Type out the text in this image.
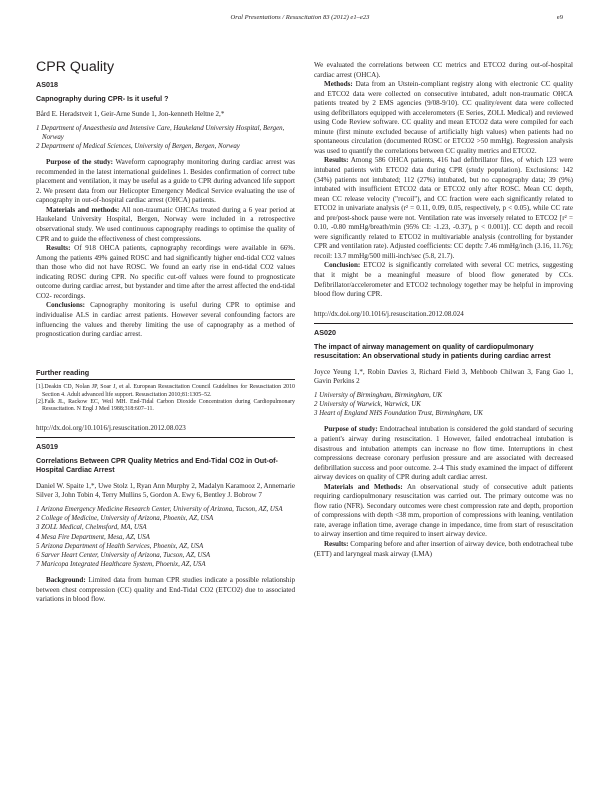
Oral Presentations / Resuscitation 83 (2012) e1–e23	e9
CPR Quality
AS018
Capnography during CPR- Is it useful ?
Bård E. Heradstveit 1, Geir-Arne Sunde 1, Jon-kenneth Heltne 2,*

1 Department of Anaesthesia and Intensive Care, Haukeland University Hospital, Bergen, Norway

2 Department of Medical Sciences, University of Bergen, Bergen, Norway

Purpose of the study: Waveform capnography monitoring during cardiac arrest was recommended in the latest international guidelines 1. Besides confirmation of correct tube placement and ventilation, it may be useful as a guide to CPR during advanced life support 2. We present data from our Helicopter Emergency Medical Service evaluating the use of capnography in out-of-hospital cardiac arrest (OHCA) patients.

Materials and methods: All non-traumatic OHCAs treated during a 6 year period at Haukeland University Hospital, Bergen, Norway were included in a retrospective observational study. We used continuous capnography readings to optimise the quality of CPR and to guide the effectiveness of chest compressions.

Results: Of 918 OHCA patients, capnography recordings were available in 66%. Among the patients 49% gained ROSC and had significantly higher end-tidal CO2 values than those who did not have ROSC. We found an early rise in end-tidal CO2 values indicating ROSC during CPR. No specific cut-off values were found to prognosticate outcome during cardiac arrest, but bystander and time after the arrest affected the end-tidal CO2- recordings.

Conclusions: Capnography monitoring is useful during CPR to optimise and individualise ALS in cardiac arrest patients. However several confounding factors are influencing the values and thereby limiting the use of capnography as a method of prognostication during cardiac arrest.

Further reading

[1].Deakin CD, Nolan JP, Soar J, et al. European Resuscitation Council Guidelines for Resuscitation 2010 Section 4. Adult advanced life support. Resuscitation 2010;81:1305–52.

[2].Falk JL, Rackow EC, Weil MH. End-Tidal Carbon Dioxide Concentration during Cardiopulmonary Resuscitation. N Engl J Med 1988;318:607–11.

http://dx.doi.org/10.1016/j.resuscitation.2012.08.023
AS019
Correlations Between CPR Quality Metrics and End-Tidal CO2 in Out-of-Hospital Cardiac Arrest
Daniel W. Spaite 1,*, Uwe Stolz 1, Ryan Ann Murphy 2, Madalyn Karamooz 2, Annemarie Silver 3, John Tobin 4, Terry Mullins 5, Gordon A. Ewy 6, Bentley J. Bobrow 7

1 Arizona Emergency Medicine Research Center, University of Arizona, Tucson, AZ, USA

2 College of Medicine, University of Arizona, Phoenix, AZ, USA

3 ZOLL Medical, Chelmsford, MA, USA

4 Mesa Fire Department, Mesa, AZ, USA

5 Arizona Department of Health Services, Phoenix, AZ, USA

6 Sarver Heart Center, University of Arizona, Tucson, AZ, USA

7 Maricopa Integrated Healthcare System, Phoenix, AZ, USA

Background: Limited data from human CPR studies indicate a possible relationship between chest compression (CC) quality and End-Tidal CO2 (ETCO2) due to associated variations in blood flow.

We evaluated the correlations between CC metrics and ETCO2 during out-of-hospital cardiac arrest (OHCA).

Methods: Data from an Utstein-compliant registry along with electronic CC quality and ETCO2 data were collected on consecutive intubated, adult non-traumatic OHCA patients treated by 2 EMS agencies (9/08-9/10). CC quality/event data were collected using defibrillators equipped with accelerometers (E Series, ZOLL Medical) and reviewed using Code Review software. CC quality and mean ETCO2 data were compiled for each minute (first minute excluded because of artificially high values) when patients had no spontaneous circulation (documented ROSC or ETCO2 >50 mmHg). Regression analysis was used to quantify the correlations between CC quality metrics and ETCO2.

Results: Among 586 OHCA patients, 416 had defibrillator files, of which 123 were intubated patients with ETCO2 data during CPR (study population). Exclusions: 142 (34%) patients not intubated; 112 (27%) intubated, but no capnography data; 39 (9%) intubated with insufficient ETCO2 data or ETCO2 only after ROSC. Mean CC depth, mean CC release velocity ("recoil"), and CC fraction were each significantly related to ETCO2 in univariate analysis (r² = 0.11, 0.09, 0.05, respectively, p < 0.05), while CC rate and pre/post-shock pause were not. Ventilation rate was inversely related to ETCO2 [r² = 0.10, -0.80 mmHg/breath/min (95% CI: -1.23, -0.37), p < 0.001)]. CC depth and recoil were significantly related to ETCO2 in multivariable analysis (controlling for bystander CPR and ventilation rate). Adjusted coefficients: CC depth: 7.46 mmHg/inch (3.16, 11.76); recoil: 13.7 mmHg/500 milli-inch/sec (5.8, 21.7).

Conclusion: ETCO2 is significantly correlated with several CC metrics, suggesting that it might be a meaningful measure of blood flow generated by CCs. Defibrillator/accelerometer and ETCO2 technology together may be helpful in improving blood flow during CPR.

http://dx.doi.org/10.1016/j.resuscitation.2012.08.024
AS020
The impact of airway management on quality of cardiopulmonary resuscitation: An observational study in patients during cardiac arrest
Joyce Yeung 1,*, Robin Davies 3, Richard Field 3, Mehboob Chilwan 3, Fang Gao 1, Gavin Perkins 2

1 University of Birmingham, Birmingham, UK

2 University of Warwick, Warwick, UK

3 Heart of England NHS Foundation Trust, Birmingham, UK

Purpose of study: Endotracheal intubation is considered the gold standard of securing a patient's airway during resuscitation. 1 However, failed endotracheal intubation is disastrous and intubation attempts can increase no flow time. Interruptions in chest compressions decrease coronary perfusion pressure and are associated with decreased defibrillation success and poor outcome. 2–4 This study examined the impact of different airway devices on quality of CPR during adult cardiac arrest.

Materials and Methods: An observational study of consecutive adult patients requiring cardiopulmonary resuscitation was carried out. The primary outcome was no flow ratio (NFR). Secondary outcomes were chest compression rate and depth, proportion of compressions with depth <38 mm, proportion of compressions with leaning, ventilation rate, average inflation time, average change in impedance, time from start of resuscitation to airway insertion and time required to insert airway device.

Results: Comparing before and after insertion of airway device, both endotracheal tube (ETT) and laryngeal mask airway (LMA)
